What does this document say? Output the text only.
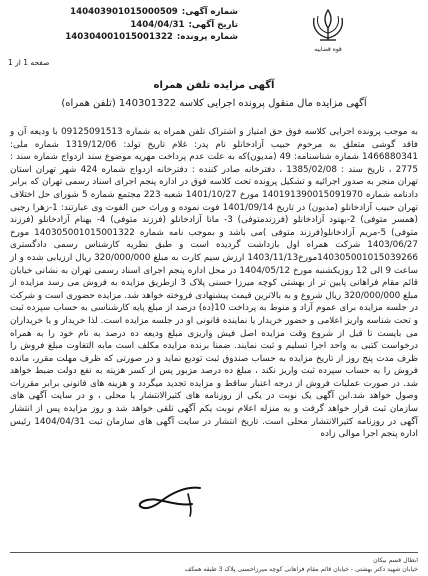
شماره آگهی:
140403901015000509
تاریخ آگهی:
1404/04/31
شماره پرونده:
140304001015001322
قوه قضاییه
صفحه 1 از 1
آگهی مزایده تلفن همراه
آگهی مزایده مال منقول پرونده اجرایی کلاسه 140301322 (تلفن همراه)

به موجب پرونده اجرایی کلاسه فوق حق امتیاز و اشتراک تلفن همراه به شماره 09125091513 با ودیعه آن و فاقد گوشی متعلق به مرحوم حبیب آزادخانلو نام پدر: غلام تاریخ تولد: 1319/12/06 شماره ملی: 1466880341 شماره شناسنامه: 49 (مدیون)که به علت عدم پرداخت مهریه موضوع سند ازدواج شماره سند : 2775 ، تاریخ سند : 1385/02/08 ، دفترخانه صادر کننده : دفترخانه ازدواج شماره 424 شهر تهران استان تهران منجر به صدور اجرائیه و تشکیل پرونده تحت کلاسه فوق در اداره پنجم اجرای اسناد رسمی تهران که برابر دادنامه شماره 140191390015091970 مورخ 1401/10/27 شعبه 223 مجتمع شماره 5 شورای حل اختلاف تهران حبیب آزادخانلو (مدیون) در تاریخ 1401/09/14 فوت نموده و وراث حین الفوت وی عبارتند: 1-زهرا رجبی (همسر متوفی) 2-بهنود آزادخانلو (فرزندمتوفی) 3- مانا آزادخانلو (فرزند متوفی) 4- بهنام آزادخانلو (فرزند متوفی) 5-مریم آزادخانلو(فرزند متوفی )می باشد و بموجب نامه شماره 140305001015001322 مورخ 1403/06/27 شرکت همراه اول بازداشت گردیده است و طبق نظریه کارشناس رسمی دادگستری 140305001015039266مورخ1403/11/13 ارزش سیم کارت به مبلغ 320/000/000 ریال ارزیابی شده و از ساعت 9 الی 12 روزیکشنبه مورخ 1404/05/12 در محل اداره پنجم اجرای اسناد رسمی تهران به نشانی خیابان قائم مقام فراهانی پایین تر از بهشتی کوچه میرزا حسنی پلاک 3 ازطریق مزایده به فروش می رسد مزایده از مبلغ 320/000/000 ریال شروع و به بالاترین قیمت پیشنهادی فروخته خواهد شد. مزایده حضوری است و شرکت در جلسه مزایده برای عموم آزاد و منوط به پرداخت 10(ده) درصد از مبلغ پایه کارشناسی به حساب سپرده ثبت و تحت شناسه واریز اعلامی و حضور خریدار یا نماینده قانونی او در جلسه مزایده است. لذا خریدار و یا خریداران می بایست تا قبل از شروع وقت مزایده اصل فیش واریزی مبلغ ودیعه ده درصد به نام خود را به همراه درخواست کتبی به واحد اجرا تسلیم و ثبت نمایند. ضمنا برنده مزایده مکلف است مابه التفاوت مبلغ فروش را ظرف مدت پنج روز از تاریخ مزایده به حساب صندوق ثبت تودیع نماید و در صورتی که ظرف مهلت مقرر، مانده فروش را به حساب سپرده ثبت واریز نکند ، مبلغ ده درصد مزبور پس از کسر هزینه به نفع دولت ضبط خواهد شد. در صورت عملیات فروش از درجه اعتبار ساقط و مزایده تجدید میگردد و هزینه های قانونی برابر مقررات وصول خواهد شد.این آگهی یک نوبت در یکی از روزنامه های کثیرالانتشار یا محلی ، و در سایت آگهی های سازمان ثبت قرار خواهد گرفت و به منزله اعلام نوبت یکم آگهی تلقی خواهد شد و روز مزایده پس از انتشار آگهی در روزنامه کثیرالانتشار محلی است. تاریخ انتشار در سایت آگهی های سازمان ثبت 1404/04/31 رئیس اداره پنجم اجرا موالی زاده

ابطال قسم بیکان
خیابان شهید دکتر بهشتی - خیابان قائم مقام فراهانی کوچه میرزاحسنی پلاک 3 طبقه همکف
